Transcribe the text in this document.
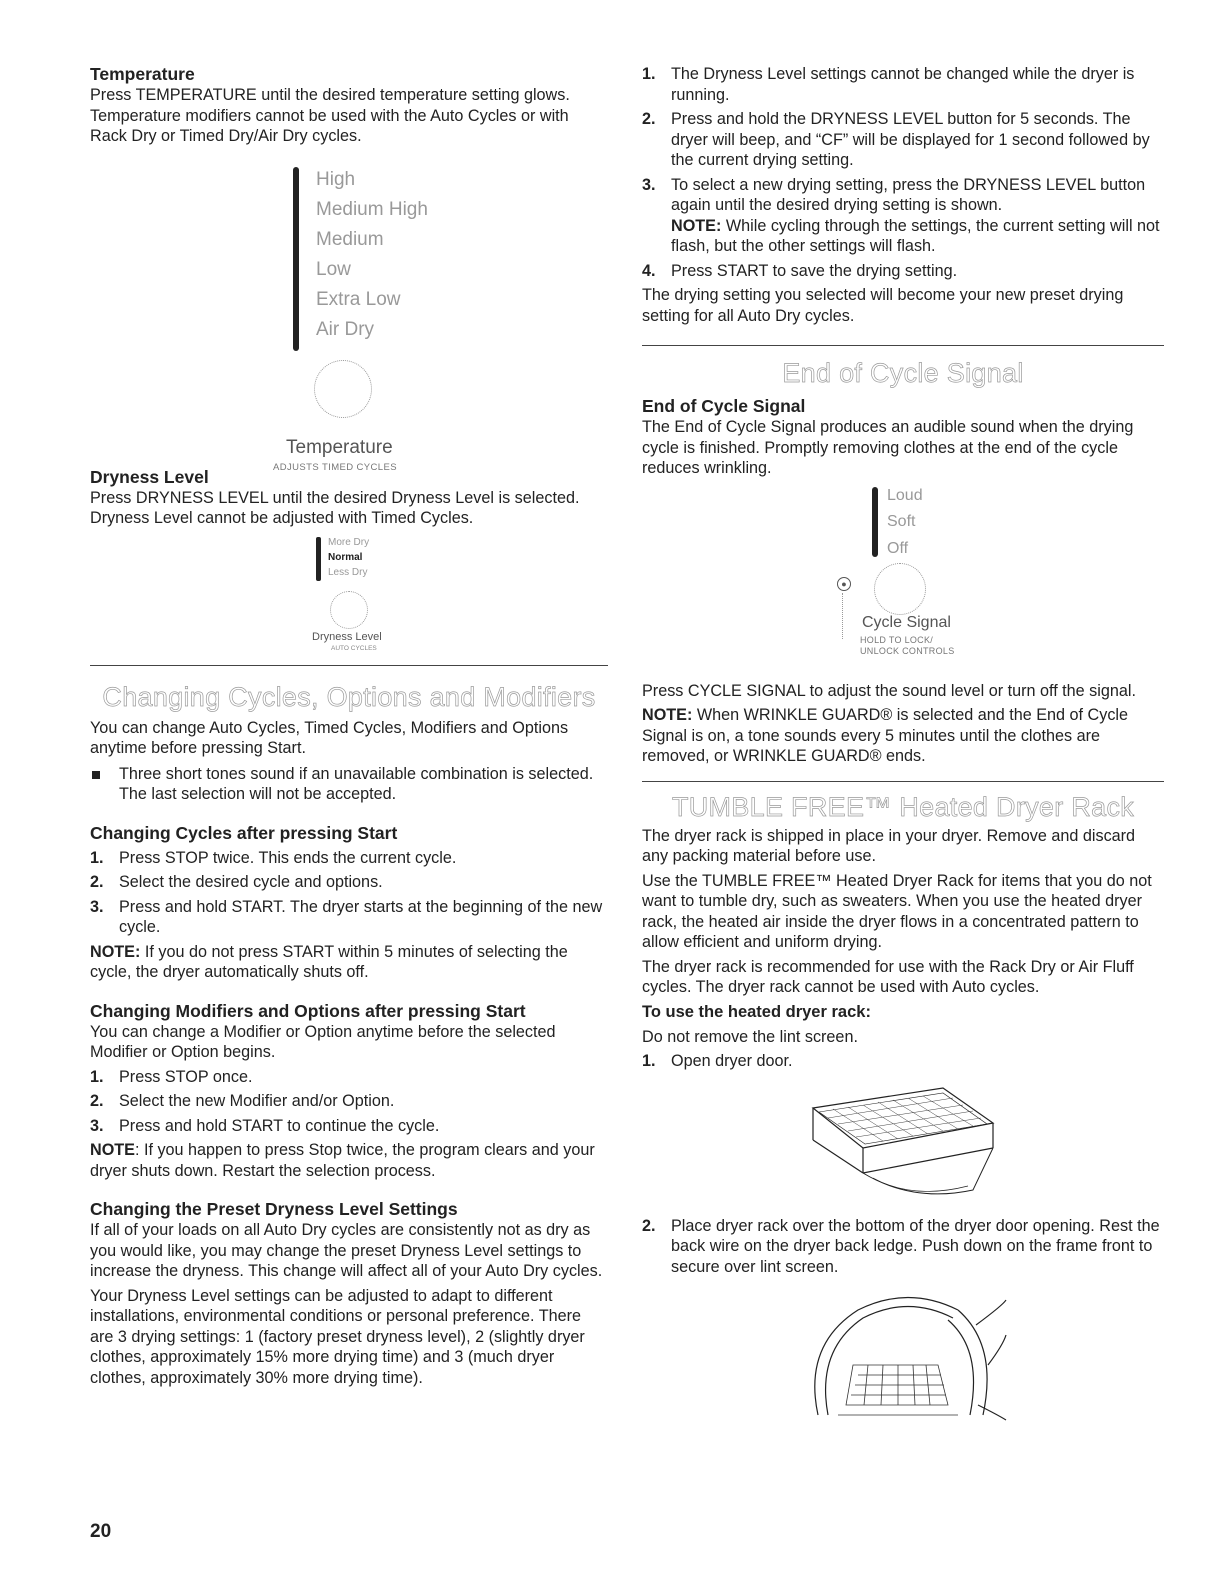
Temperature

Press TEMPERATURE until the desired temperature setting glows. Temperature modifiers cannot be used with the Auto Cycles or with Rack Dry or Timed Dry/Air Dry cycles.

High
Medium High
Medium
Low
Extra Low
Air Dry
Temperature
ADJUSTS TIMED CYCLES
Dryness Level

Press DRYNESS LEVEL until the desired Dryness Level is selected. Dryness Level cannot be adjusted with Timed Cycles.

More Dry
Normal
Less Dry
Dryness Level
AUTO CYCLES
Changing Cycles, Options and Modifiers

You can change Auto Cycles, Timed Cycles, Modifiers and Options anytime before pressing Start.

Three short tones sound if an unavailable combination is selected. The last selection will not be accepted.
Changing Cycles after pressing Start
1. Press STOP twice. This ends the current cycle.
2. Select the desired cycle and options.
3. Press and hold START. The dryer starts at the beginning of the new cycle.

NOTE: If you do not press START within 5 minutes of selecting the cycle, the dryer automatically shuts off.

Changing Modifiers and Options after pressing Start

You can change a Modifier or Option anytime before the selected Modifier or Option begins.

1. Press STOP once.
2. Select the new Modifier and/or Option.
3. Press and hold START to continue the cycle.

NOTE: If you happen to press Stop twice, the program clears and your dryer shuts down. Restart the selection process.

Changing the Preset Dryness Level Settings

If all of your loads on all Auto Dry cycles are consistently not as dry as you would like, you may change the preset Dryness Level settings to increase the dryness. This change will affect all of your Auto Dry cycles.

Your Dryness Level settings can be adjusted to adapt to different installations, environmental conditions or personal preference. There are 3 drying settings: 1 (factory preset dryness level), 2 (slightly dryer clothes, approximately 15% more drying time) and 3 (much dryer clothes, approximately 30% more drying time).

1. The Dryness Level settings cannot be changed while the dryer is running.
2. Press and hold the DRYNESS LEVEL button for 5 seconds. The dryer will beep, and “CF” will be displayed for 1 second followed by the current drying setting.
3. To select a new drying setting, press the DRYNESS LEVEL button again until the desired drying setting is shown.
NOTE: While cycling through the settings, the current setting will not flash, but the other settings will flash.
4. Press START to save the drying setting.

The drying setting you selected will become your new preset drying setting for all Auto Dry cycles.

End of Cycle Signal
End of Cycle Signal

The End of Cycle Signal produces an audible sound when the drying cycle is finished. Promptly removing clothes at the end of the cycle reduces wrinkling.

Loud
Soft
Off
●
Cycle Signal
HOLD TO LOCK/
UNLOCK CONTROLS

Press CYCLE SIGNAL to adjust the sound level or turn off the signal.

NOTE: When WRINKLE GUARD® is selected and the End of Cycle Signal is on, a tone sounds every 5 minutes until the clothes are removed, or WRINKLE GUARD® ends.

TUMBLE FREE™ Heated Dryer Rack

The dryer rack is shipped in place in your dryer. Remove and discard any packing material before use.

Use the TUMBLE FREE™ Heated Dryer Rack for items that you do not want to tumble dry, such as sweaters. When you use the heated dryer rack, the heated air inside the dryer flows in a concentrated pattern to allow efficient and uniform drying.

The dryer rack is recommended for use with the Rack Dry or Air Fluff cycles. The dryer rack cannot be used with Auto cycles.

To use the heated dryer rack:

Do not remove the lint screen.

1. Open dryer door.
2. Place dryer rack over the bottom of the dryer door opening. Rest the back wire on the dryer back ledge. Push down on the frame front to secure over lint screen.
20
